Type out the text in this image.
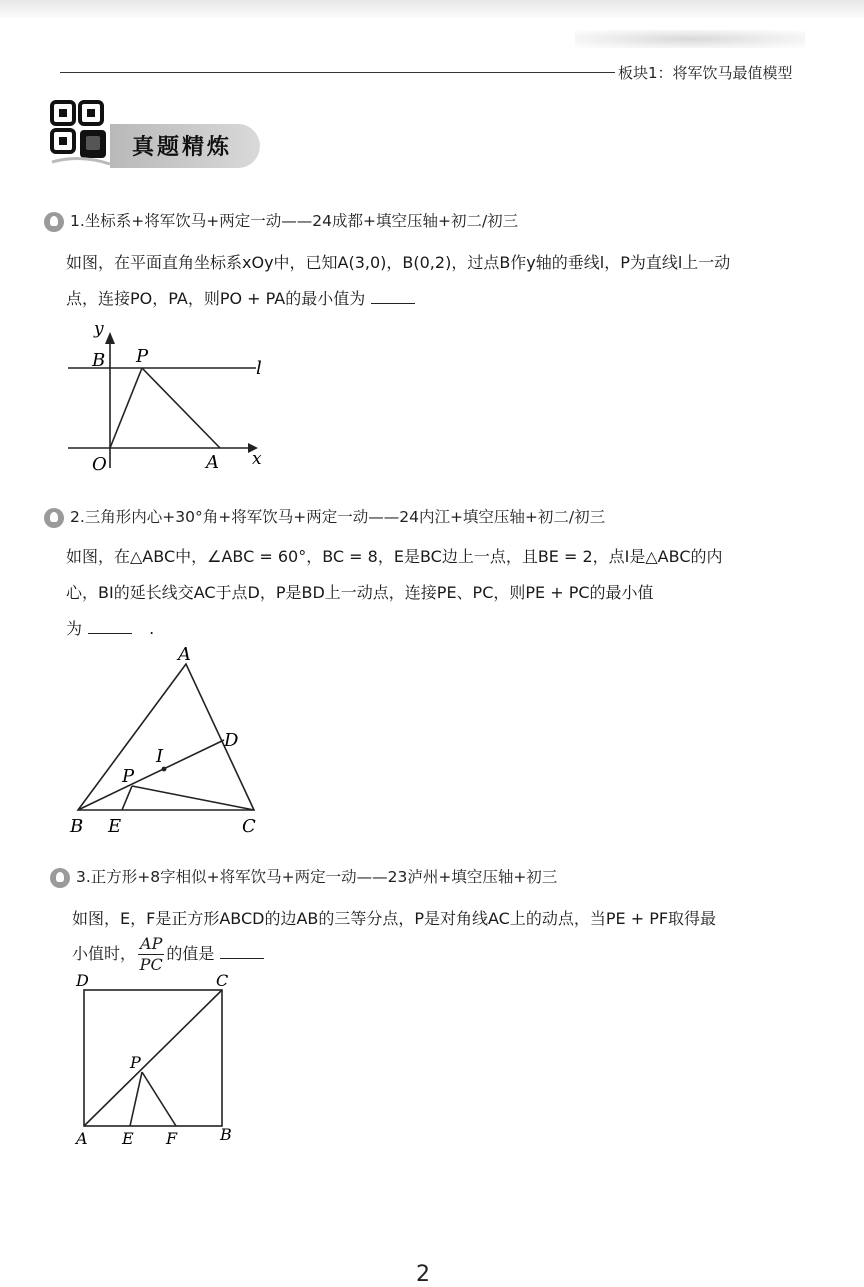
板块1：将军饮马最值模型
真题精炼
1.坐标系+将军饮马+两定一动——24成都+填空压轴+初二/初三
如图，在平面直角坐标系xOy中，已知A(3,0)，B(0,2)，过点B作y轴的垂线l，P为直线l上一动
点，连接PO，PA，则PO + PA的最小值为
y
B P
l
O	A x
2.三角形内心+30°角+将军饮马+两定一动——24内江+填空压轴+初二/初三
如图，在△ABC中，∠ABC = 60°，BC = 8，E是BC边上一点，且BE = 2，点I是△ABC的内
心，BI的延长线交AC于点D，P是BD上一动点，连接PE、PC，则PE + PC的最小值
为	.
A
D
I
P
B E	C
3.正方形+8字相似+将军饮马+两定一动——23泸州+填空压轴+初三
如图，E，F是正方形ABCD的边AB的三等分点，P是对角线AC上的动点，当PE + PF取得最
小值时， $\frac{AP}{PC}$ 的值是
D	C
P
A E F	B
2
